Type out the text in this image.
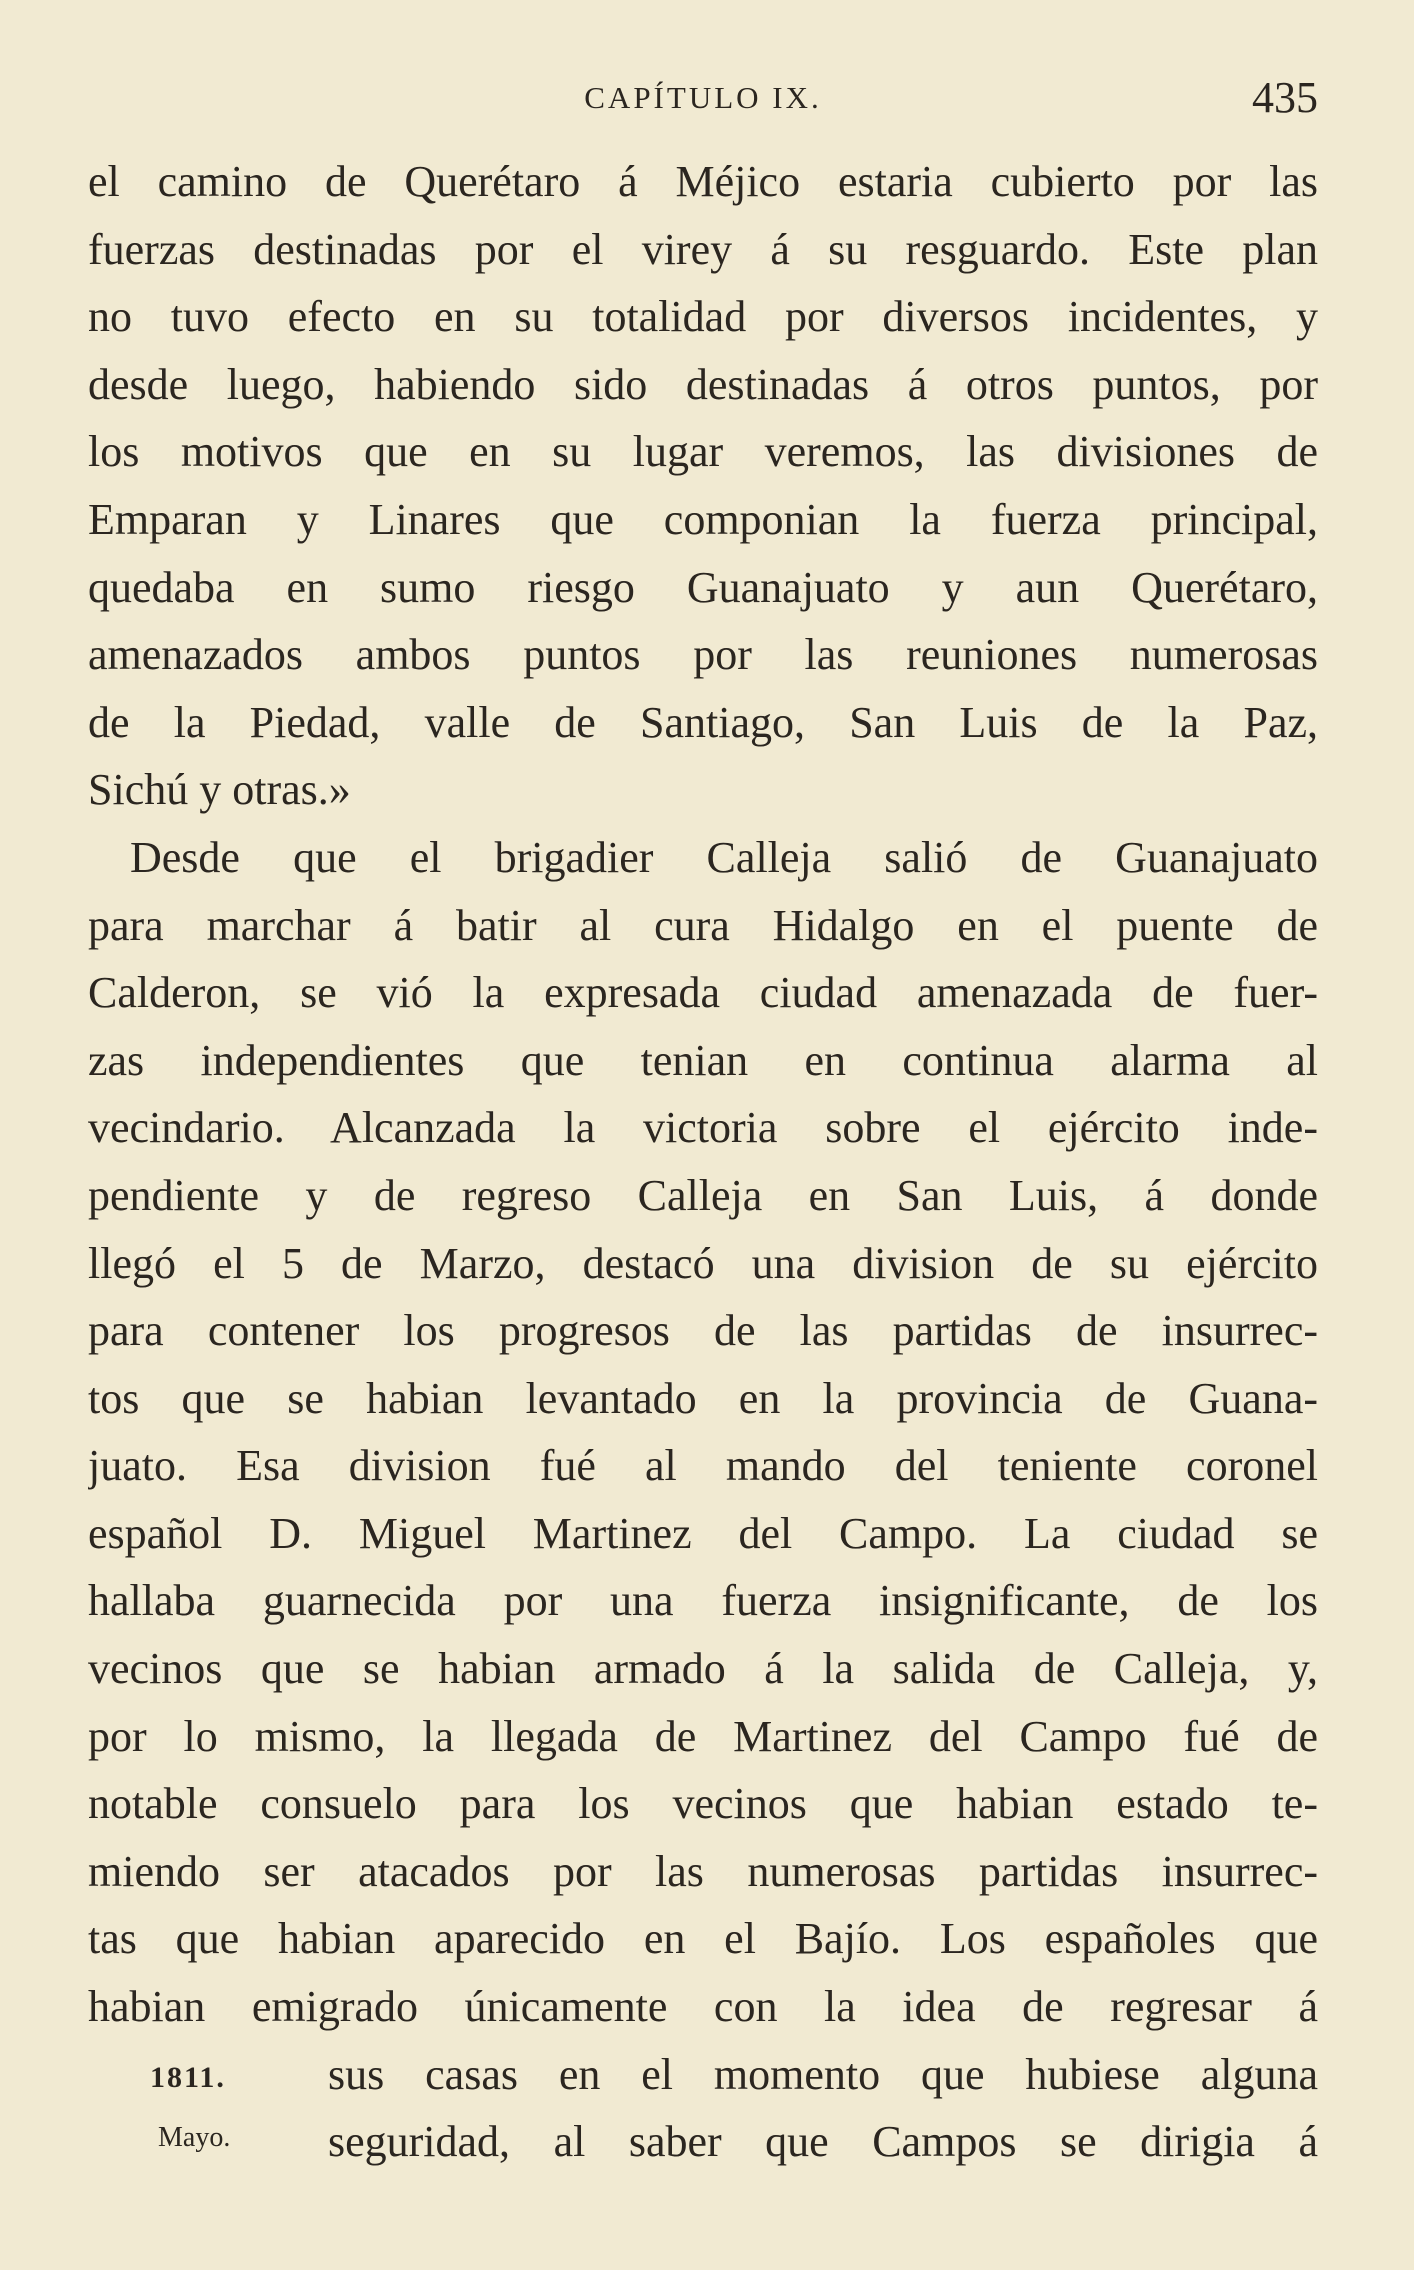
CAPÍTULO IX.	435
el camino de Querétaro á Méjico estaria cubierto por las
fuerzas destinadas por el virey á su resguardo. Este plan
no tuvo efecto en su totalidad por diversos incidentes, y
desde luego, habiendo sido destinadas á otros puntos, por
los motivos que en su lugar veremos, las divisiones de
Emparan y Linares que componian la fuerza principal,
quedaba en sumo riesgo Guanajuato y aun Querétaro,
amenazados ambos puntos por las reuniones numerosas
de la Piedad, valle de Santiago, San Luis de la Paz,
Sichú y otras.»
Desde que el brigadier Calleja salió de Guanajuato
para marchar á batir al cura Hidalgo en el puente de
Calderon, se vió la expresada ciudad amenazada de fuer-
zas independientes que tenian en continua alarma al
vecindario. Alcanzada la victoria sobre el ejército inde-
pendiente y de regreso Calleja en San Luis, á donde
llegó el 5 de Marzo, destacó una division de su ejército
para contener los progresos de las partidas de insurrec-
tos que se habian levantado en la provincia de Guana-
juato. Esa division fué al mando del teniente coronel
español D. Miguel Martinez del Campo. La ciudad se
hallaba guarnecida por una fuerza insignificante, de los
vecinos que se habian armado á la salida de Calleja, y,
por lo mismo, la llegada de Martinez del Campo fué de
notable consuelo para los vecinos que habian estado te-
miendo ser atacados por las numerosas partidas insurrec-
tas que habian aparecido en el Bajío. Los españoles que
habian emigrado únicamente con la idea de regresar á
1811. sus casas en el momento que hubiese alguna
Mayo. seguridad, al saber que Campos se dirigia á
